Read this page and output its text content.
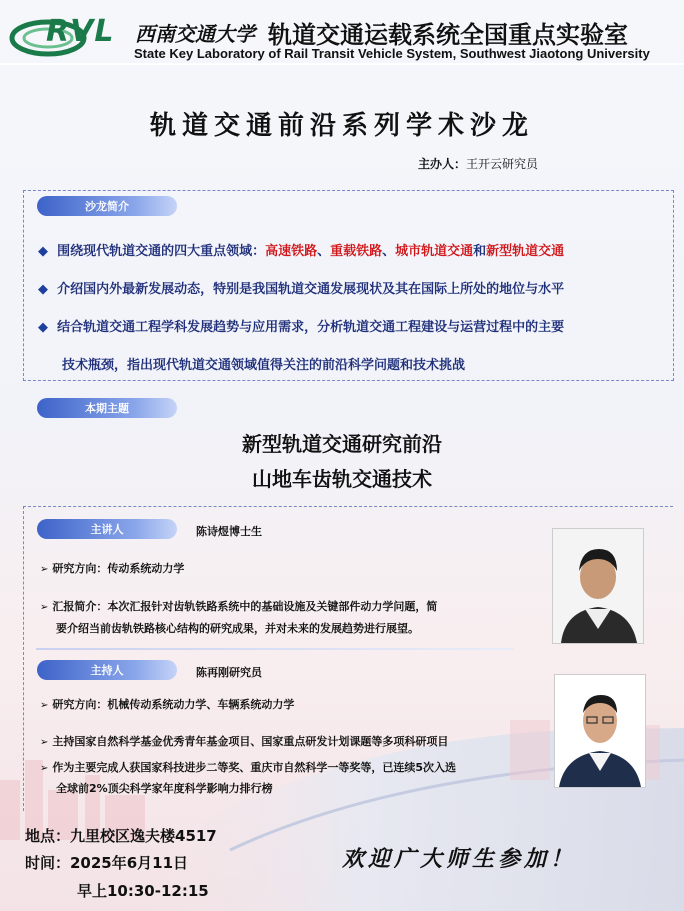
RVL 西南交通大学 轨道交通运载系统全国重点实验室
State Key Laboratory of Rail Transit Vehicle System, Southwest Jiaotong University
轨道交通前沿系列学术沙龙
主办人：王开云研究员
沙龙简介
◆ 围绕现代轨道交通的四大重点领域：高速铁路、重载铁路、城市轨道交通和新型轨道交通
◆ 介绍国内外最新发展动态，特别是我国轨道交通发展现状及其在国际上所处的地位与水平
◆ 结合轨道交通工程学科发展趋势与应用需求，分析轨道交通工程建设与运营过程中的主要
技术瓶颈，指出现代轨道交通领域值得关注的前沿科学问题和技术挑战
本期主题
新型轨道交通研究前沿
山地车齿轨交通技术
主讲人	陈诗煜博士生
➢ 研究方向：传动系统动力学
➢ 汇报简介：本次汇报针对齿轨铁路系统中的基础设施及关键部件动力学问题，简
要介绍当前齿轨铁路核心结构的研究成果，并对未来的发展趋势进行展望。
主持人	陈再刚研究员
➢ 研究方向：机械传动系统动力学、车辆系统动力学
➢ 主持国家自然科学基金优秀青年基金项目、国家重点研发计划课题等多项科研项目
➢ 作为主要完成人获国家科技进步二等奖、重庆市自然科学一等奖等，已连续5次入选
全球前2%顶尖科学家年度科学影响力排行榜
地点：九里校区逸夫楼4517
时间：2025年6月11日
早上10:30-12:15
欢迎广大师生参加！
